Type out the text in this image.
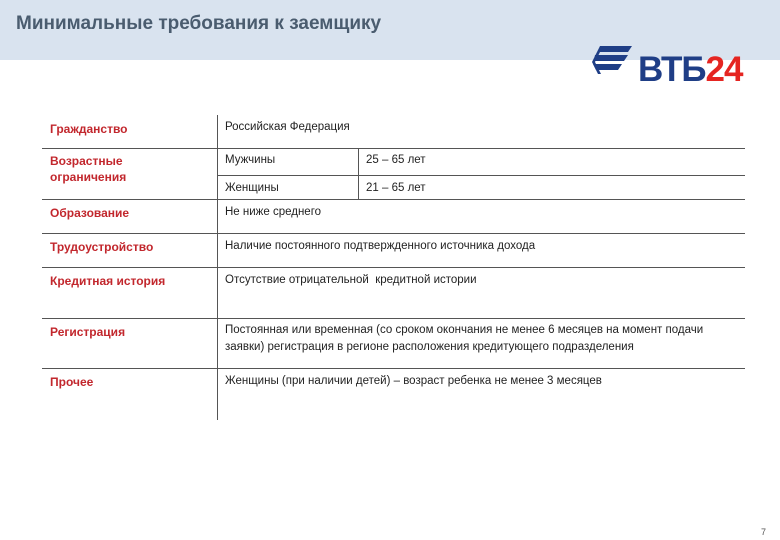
Минимальные требования к заемщику
ВТБ24
Гражданство	Российская Федерация
Возрастные ограничения
Мужчины	25 – 65 лет
Женщины	21 – 65 лет
Образование	Не ниже среднего
Трудоустройство	Наличие постоянного подтвержденного источника дохода
Кредитная история	Отсутствие отрицательной  кредитной истории
Регистрация	Постоянная или временная (со сроком окончания не менее 6 месяцев на момент подачи заявки) регистрация в регионе расположения кредитующего подразделения
Прочее	Женщины (при наличии детей) – возраст ребенка не менее 3 месяцев
7
